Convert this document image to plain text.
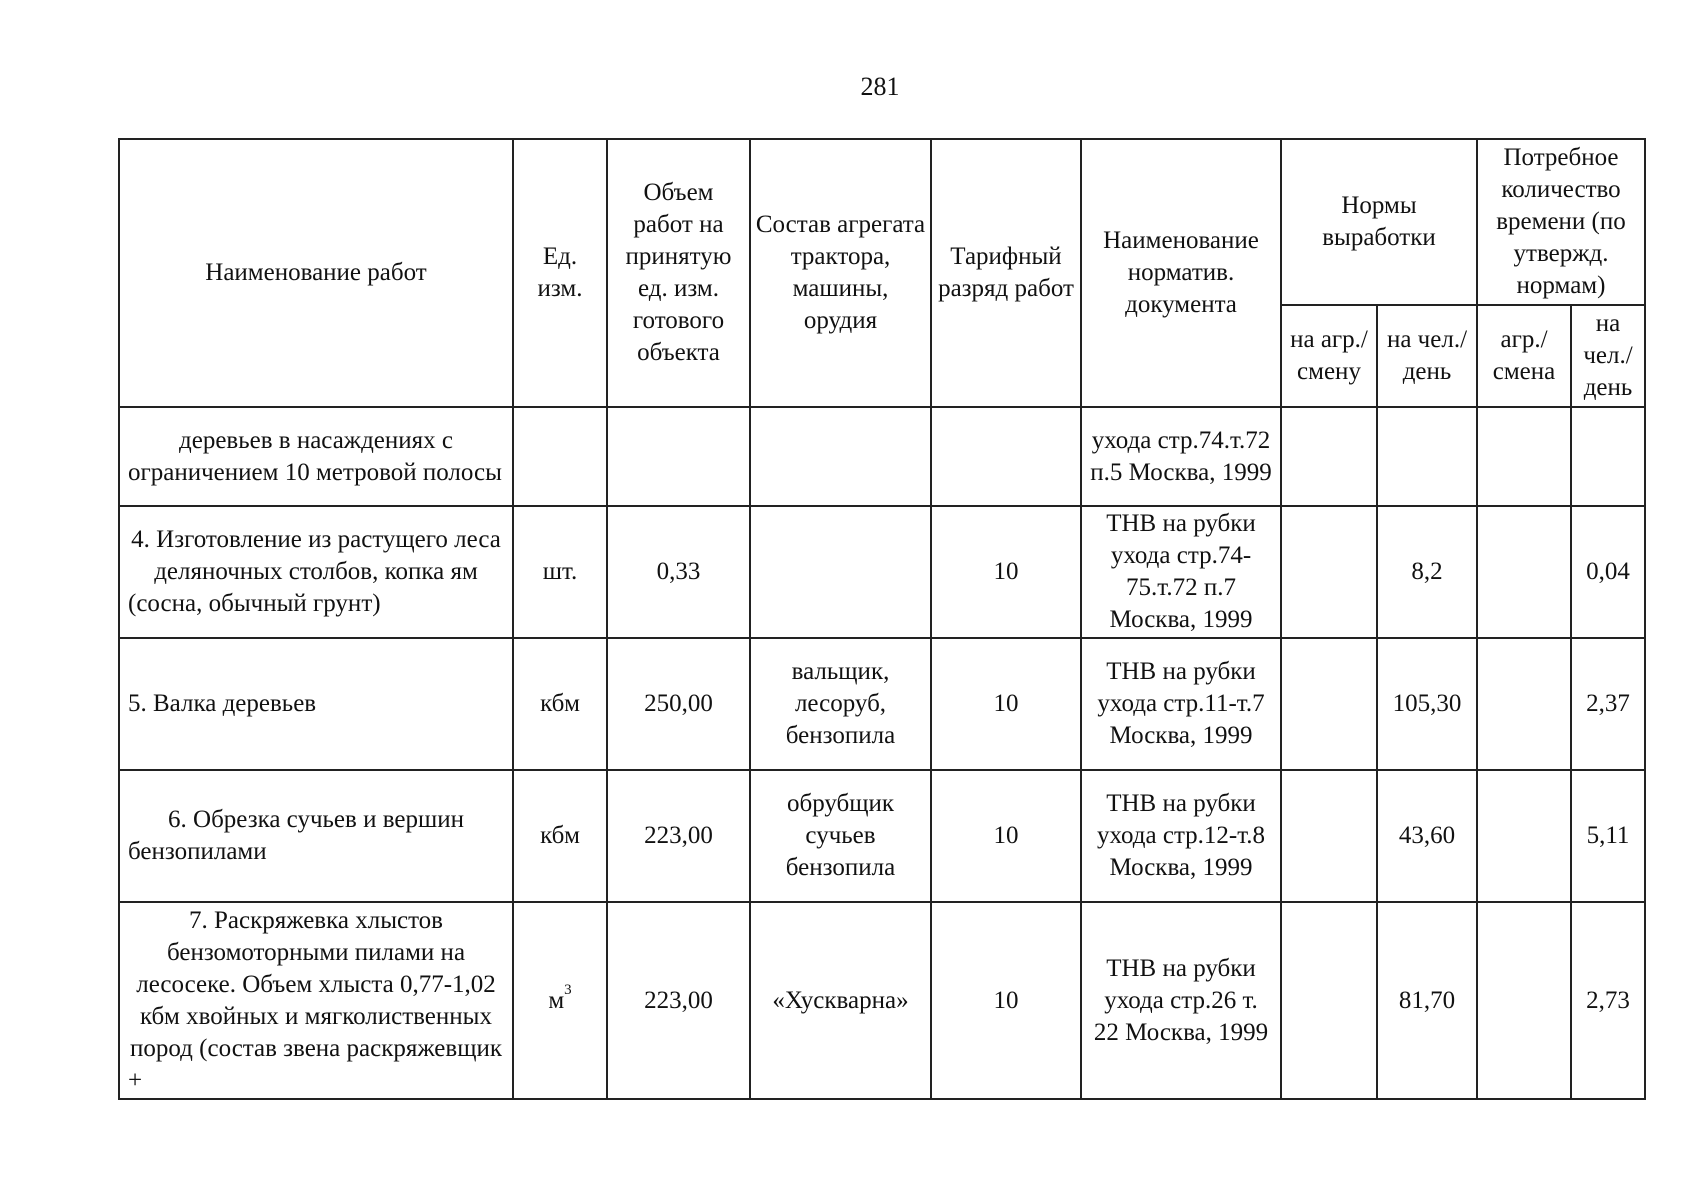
281
Наименование работ	Ед. изм.	Объем работ на принятую ед. изм. готового объекта	Состав агрегата трактора, машины, орудия	Тарифный разряд работ	Наименование норматив. документа	Нормы выработки		Потребное количество времени (по утвержд. нормам)	
						на агр./ смену	на чел./ день	агр./ смена	на чел./ день
деревьев в насаждениях с ограничением 10 метровой полосы					ухода стр.74.т.72 п.5 Москва, 1999				
4. Изготовление из растущего леса деляночных столбов, копка ям (сосна, обычный грунт)	шт.	0,33		10	ТНВ на рубки ухода стр.74-75.т.72 п.7 Москва, 1999		8,2		0,04
5. Валка деревьев	кбм	250,00	вальщик, лесоруб, бензопила	10	ТНВ на рубки ухода стр.11-т.7 Москва, 1999		105,30		2,37
6. Обрезка сучьев и вершин бензопилами	кбм	223,00	обрубщик сучьев бензопила	10	ТНВ на рубки ухода стр.12-т.8 Москва, 1999		43,60		5,11
7. Раскряжевка хлыстов бензомоторными пилами на лесосеке. Объем хлыста 0,77-1,02 кбм хвойных и мягколиственных пород (состав звена раскряжевщик +	$м^3$	223,00	«Хускварна»	10	ТНВ на рубки ухода стр.26 т. 22 Москва, 1999		81,70		2,73
